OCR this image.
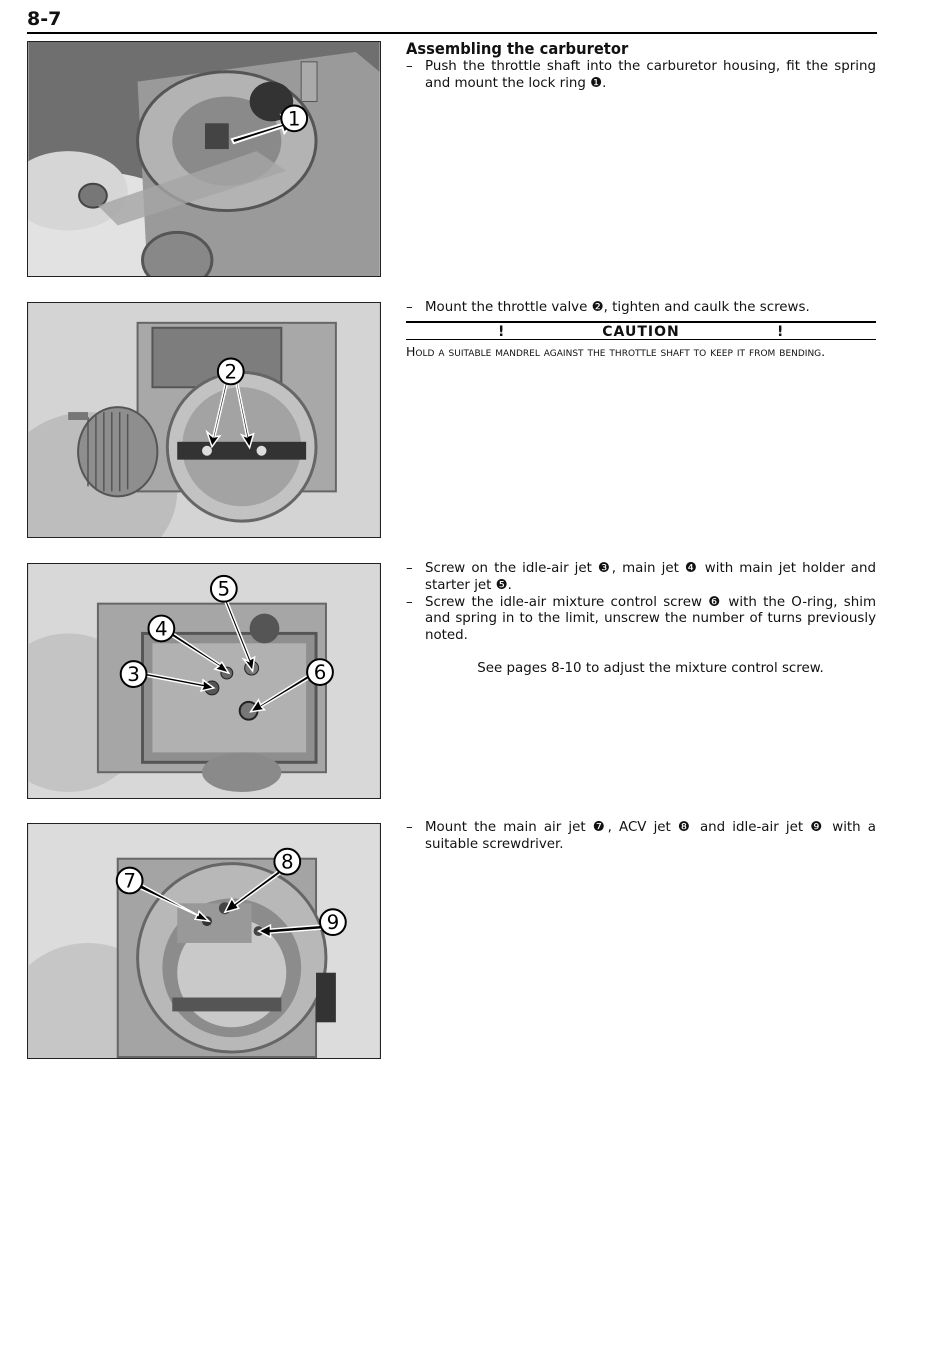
8-7
1
2
5
4
3	6
7
8
9
Assembling the carburetor
– Push the throttle shaft into the carburetor housing, fit the spring and mount the lock ring ❶.
– Mount the throttle valve ❷, tighten and caulk the screws.
!	CAUTION	!
Hold a suitable mandrel against the throttle shaft to keep it from bending.
– Screw on the idle-air jet ❸, main jet ❹ with main jet holder and starter jet ❺.
– Screw the idle-air mixture control screw ❻ with the O-ring, shim and spring in to the limit, unscrew the number of turns previously noted.
See pages 8-10 to adjust the mixture control screw.
– Mount the main air jet ❼, ACV jet ❽ and idle-air jet ❾ with a suitable screwdriver.
